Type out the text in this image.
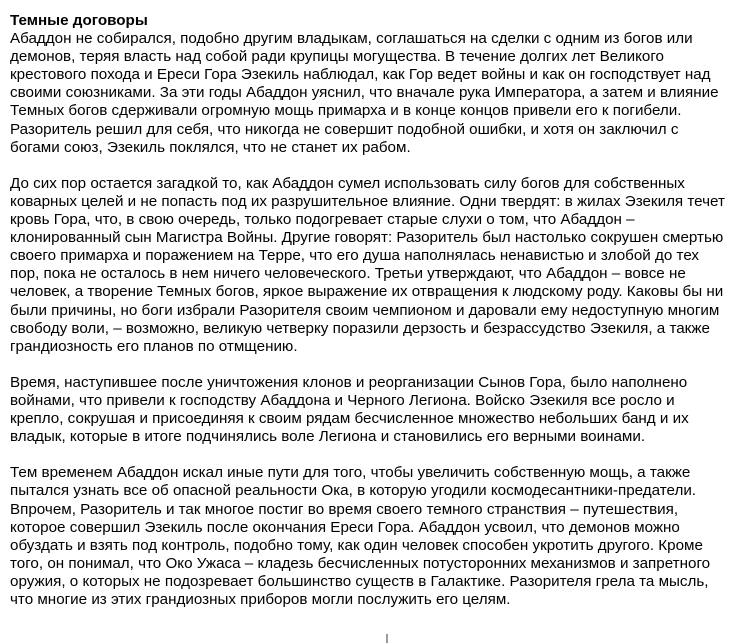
Темные договоры
Абаддон не собирался, подобно другим владыкам, соглашаться на сделки с одним из богов или
демонов, теряя власть над собой ради крупицы могущества. В течение долгих лет Великого
крестового похода и Ереси Гора Эзекиль наблюдал, как Гор ведет войны и как он господствует над
своими союзниками. За эти годы Абаддон уяснил, что вначале рука Императора, а затем и влияние
Темных богов сдерживали огромную мощь примарха и в конце концов привели его к погибели.
Разоритель решил для себя, что никогда не совершит подобной ошибки, и хотя он заключил с
богами союз, Эзекиль поклялся, что не станет их рабом.
До сих пор остается загадкой то, как Абаддон сумел использовать силу богов для собственных
коварных целей и не попасть под их разрушительное влияние. Одни твердят: в жилах Эзекиля течет
кровь Гора, что, в свою очередь, только подогревает старые слухи о том, что Абаддон –
клонированный сын Магистра Войны. Другие говорят: Разоритель был настолько сокрушен смертью
своего примарха и поражением на Терре, что его душа наполнялась ненавистью и злобой до тех
пор, пока не осталось в нем ничего человеческого. Третьи утверждают, что Абаддон – вовсе не
человек, а творение Темных богов, яркое выражение их отвращения к людскому роду. Каковы бы ни
были причины, но боги избрали Разорителя своим чемпионом и даровали ему недоступную многим
свободу воли, – возможно, великую четверку поразили дерзость и безрассудство Эзекиля, а также
грандиозность его планов по отмщению.
Время, наступившее после уничтожения клонов и реорганизации Сынов Гора, было наполнено
войнами, что привели к господству Абаддона и Черного Легиона. Войско Эзекиля все росло и
крепло, сокрушая и присоединяя к своим рядам бесчисленное множество небольших банд и их
владык, которые в итоге подчинялись воле Легиона и становились его верными воинами.
Тем временем Абаддон искал иные пути для того, чтобы увеличить собственную мощь, а также
пытался узнать все об опасной реальности Ока, в которую угодили космодесантники-предатели.
Впрочем, Разоритель и так многое постиг во время своего темного странствия – путешествия,
которое совершил Эзекиль после окончания Ереси Гора. Абаддон усвоил, что демонов можно
обуздать и взять под контроль, подобно тому, как один человек способен укротить другого. Кроме
того, он понимал, что Око Ужаса – кладезь бесчисленных потусторонних механизмов и запретного
оружия, о которых не подозревает большинство существ в Галактике. Разорителя грела та мысль,
что многие из этих грандиозных приборов могли послужить его целям.
